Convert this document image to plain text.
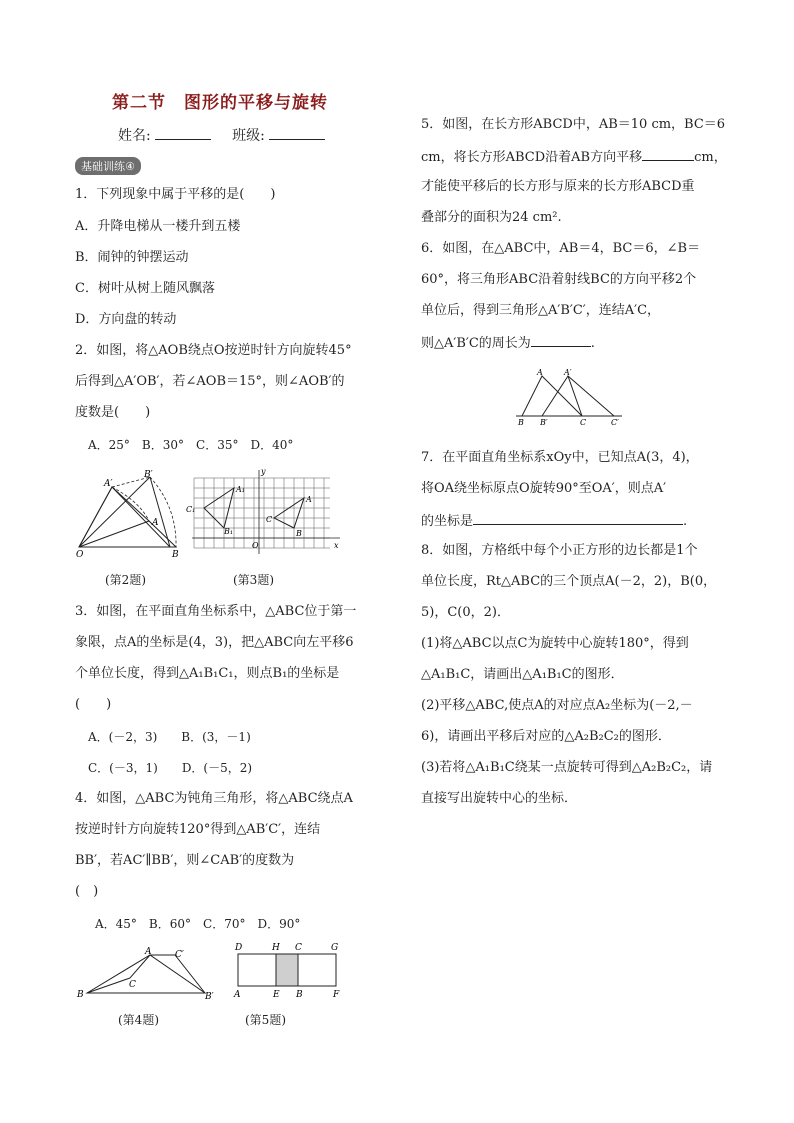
第二节 图形的平移与旋转
姓名:	班级:
基础训练④
1．下列现象中属于平移的是(　　)
A．升降电梯从一楼升到五楼
B．闹钟的钟摆运动
C．树叶从树上随风飘落
D．方向盘的转动
2．如图，将△AOB绕点O按逆时针方向旋转45°
后得到△A′OB′，若∠AOB＝15°，则∠AOB′的
度数是(　　)
A．25°　B．30°　C．35°　D．40°
B′
A′
A
O	B
y
A₁
C₁
B₁
A
C
B
O	x
(第2题)	(第3题)
3．如图，在平面直角坐标系中，△ABC位于第一
象限，点A的坐标是(4，3)，把△ABC向左平移6
个单位长度，得到△A₁B₁C₁，则点B₁的坐标是
(　　)
A．(－2，3)　　B．(3，－1)
C．(－3，1)　　D．(－5，2)
4．如图，△ABC为钝角三角形，将△ABC绕点A
按逆时针方向旋转120°得到△AB′C′，连结
BB′，若AC′∥BB′，则∠CAB′的度数为
(　)
A．45°　B．60°　C．70°　D．90°
A	C′
C
B	B′
D	H C	G
A	E B	F
(第4题)	(第5题)
5．如图，在长方形ABCD中，AB＝10 cm，BC＝6
cm，将长方形ABCD沿着AB方向平移	cm，
才能使平移后的长方形与原来的长方形ABCD重
叠部分的面积为24 cm².
6．如图，在△ABC中，AB＝4，BC＝6，∠B＝
60°，将三角形ABC沿着射线BC的方向平移2个
单位后，得到三角形△A′B′C′，连结A′C，
则△A′B′C的周长为	.
A	A′
B B′	C	C′
7．在平面直角坐标系xOy中，已知点A(3，4)，
将OA绕坐标原点O旋转90°至OA′，则点A′
的坐标是	.
8．如图，方格纸中每个小正方形的边长都是1个
单位长度，Rt△ABC的三个顶点A(－2，2)，B(0，
5)，C(0，2)．
(1)将△ABC以点C为旋转中心旋转180°，得到
△A₁B₁C，请画出△A₁B₁C的图形．
(2)平移△ABC,使点A的对应点A₂坐标为(－2,－
6)，请画出平移后对应的△A₂B₂C₂的图形．
(3)若将△A₁B₁C绕某一点旋转可得到△A₂B₂C₂，请
直接写出旋转中心的坐标．
